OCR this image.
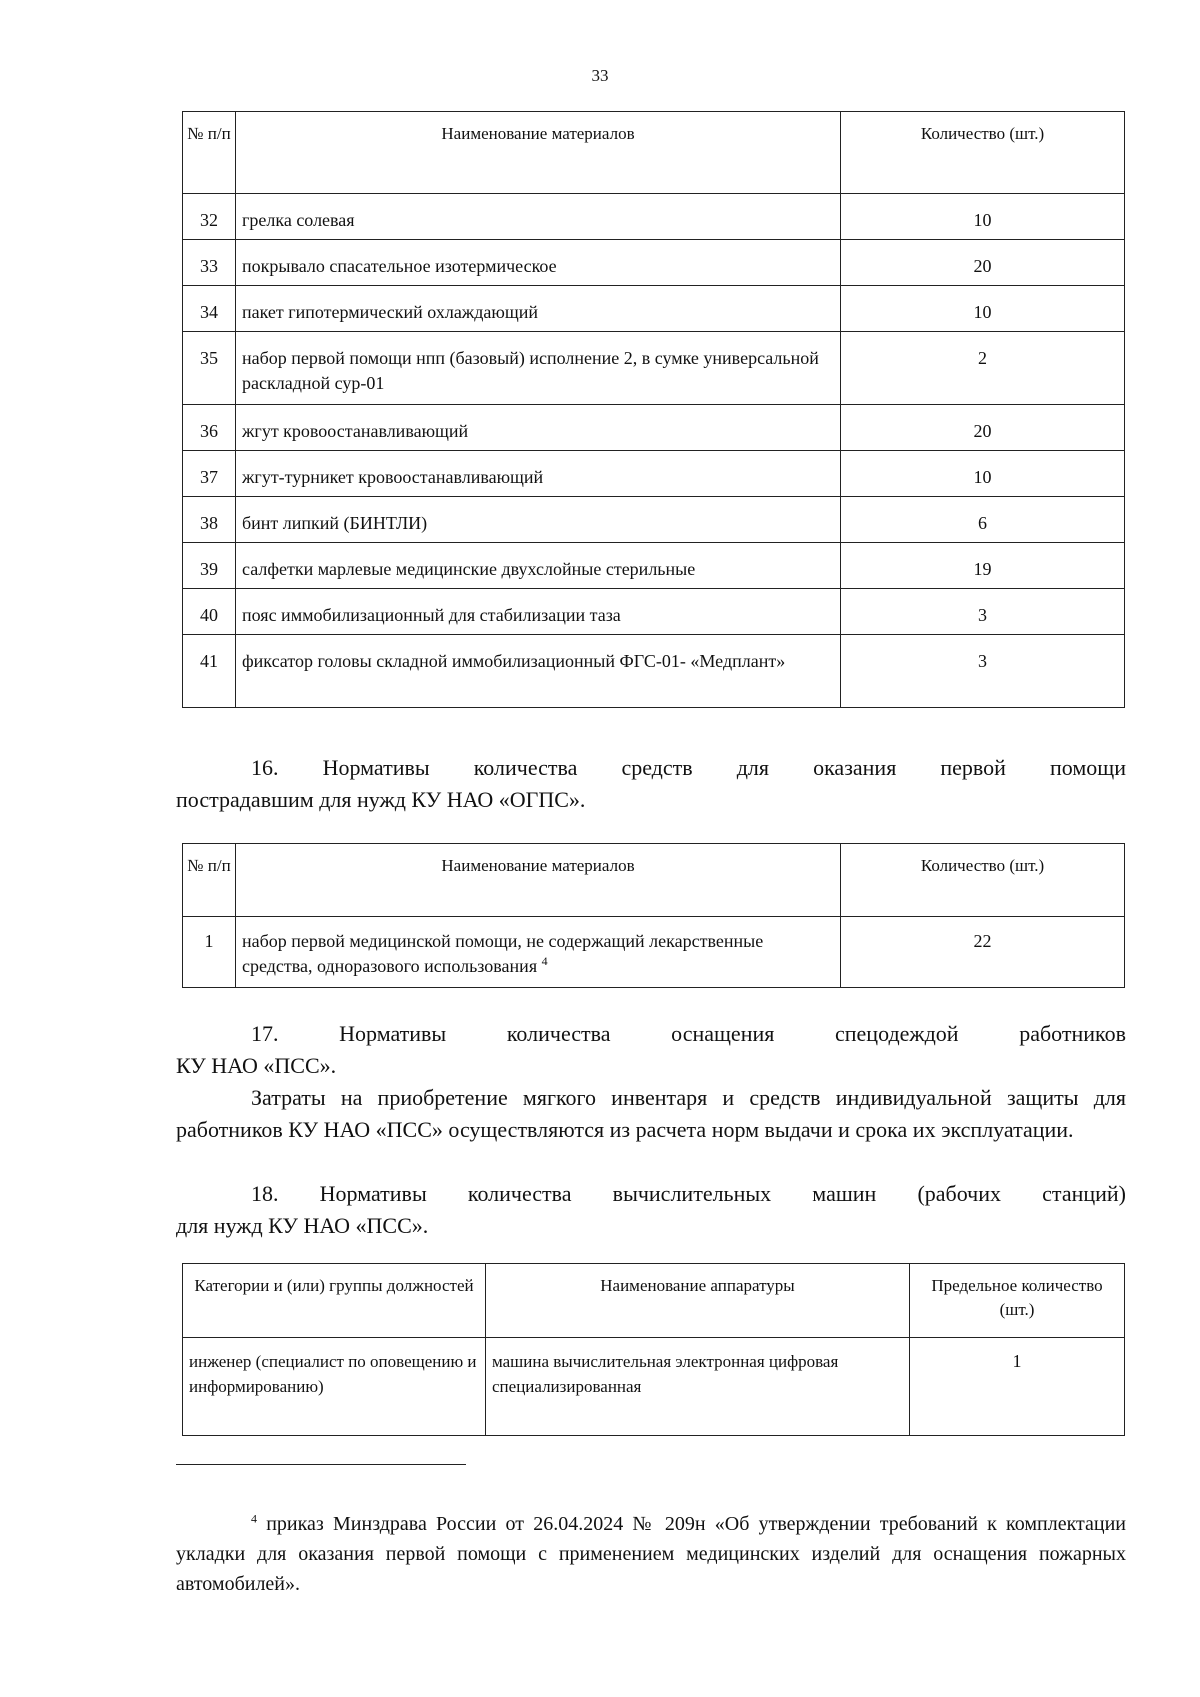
33
№ п/п	Наименование материалов	Количество (шт.)
32	грелка солевая	10
33	покрывало спасательное изотермическое	20
34	пакет гипотермический охлаждающий	10
35	набор первой помощи нпп (базовый) исполнение 2, в сумке универсальной раскладной сур-01	2
36	жгут кровоостанавливающий	20
37	жгут-турникет кровоостанавливающий	10
38	бинт липкий (БИНТЛИ)	6
39	салфетки марлевые медицинские двухслойные стерильные	19
40	пояс иммобилизационный для стабилизации таза	3
41	фиксатор головы складной иммобилизационный ФГС-01- «Медплант»	3
16. Нормативы количества средств для оказания первой помощи
пострадавшим для нужд КУ НАО «ОГПС».
№ п/п	Наименование материалов	Количество (шт.)
1	набор первой медицинской помощи, не содержащий лекарственные средства, одноразового использования $^4$	22
17. Нормативы количества оснащения спецодеждой работников
КУ НАО «ПСС».
Затраты на приобретение мягкого инвентаря и средств индивидуальной защиты для работников КУ НАО «ПСС» осуществляются из расчета норм выдачи и срока их эксплуатации.
18. Нормативы количества вычислительных машин (рабочих станций)
для нужд КУ НАО «ПСС».
Категории и (или) группы должностей	Наименование аппаратуры	Предельное количество (шт.)
инженер (специалист по оповещению и информированию)	машина вычислительная электронная цифровая специализированная	1
$^4$ приказ Минздрава России от 26.04.2024 № 209н «Об утверждении требований к комплектации укладки для оказания первой помощи с применением медицинских изделий для оснащения пожарных автомобилей».
